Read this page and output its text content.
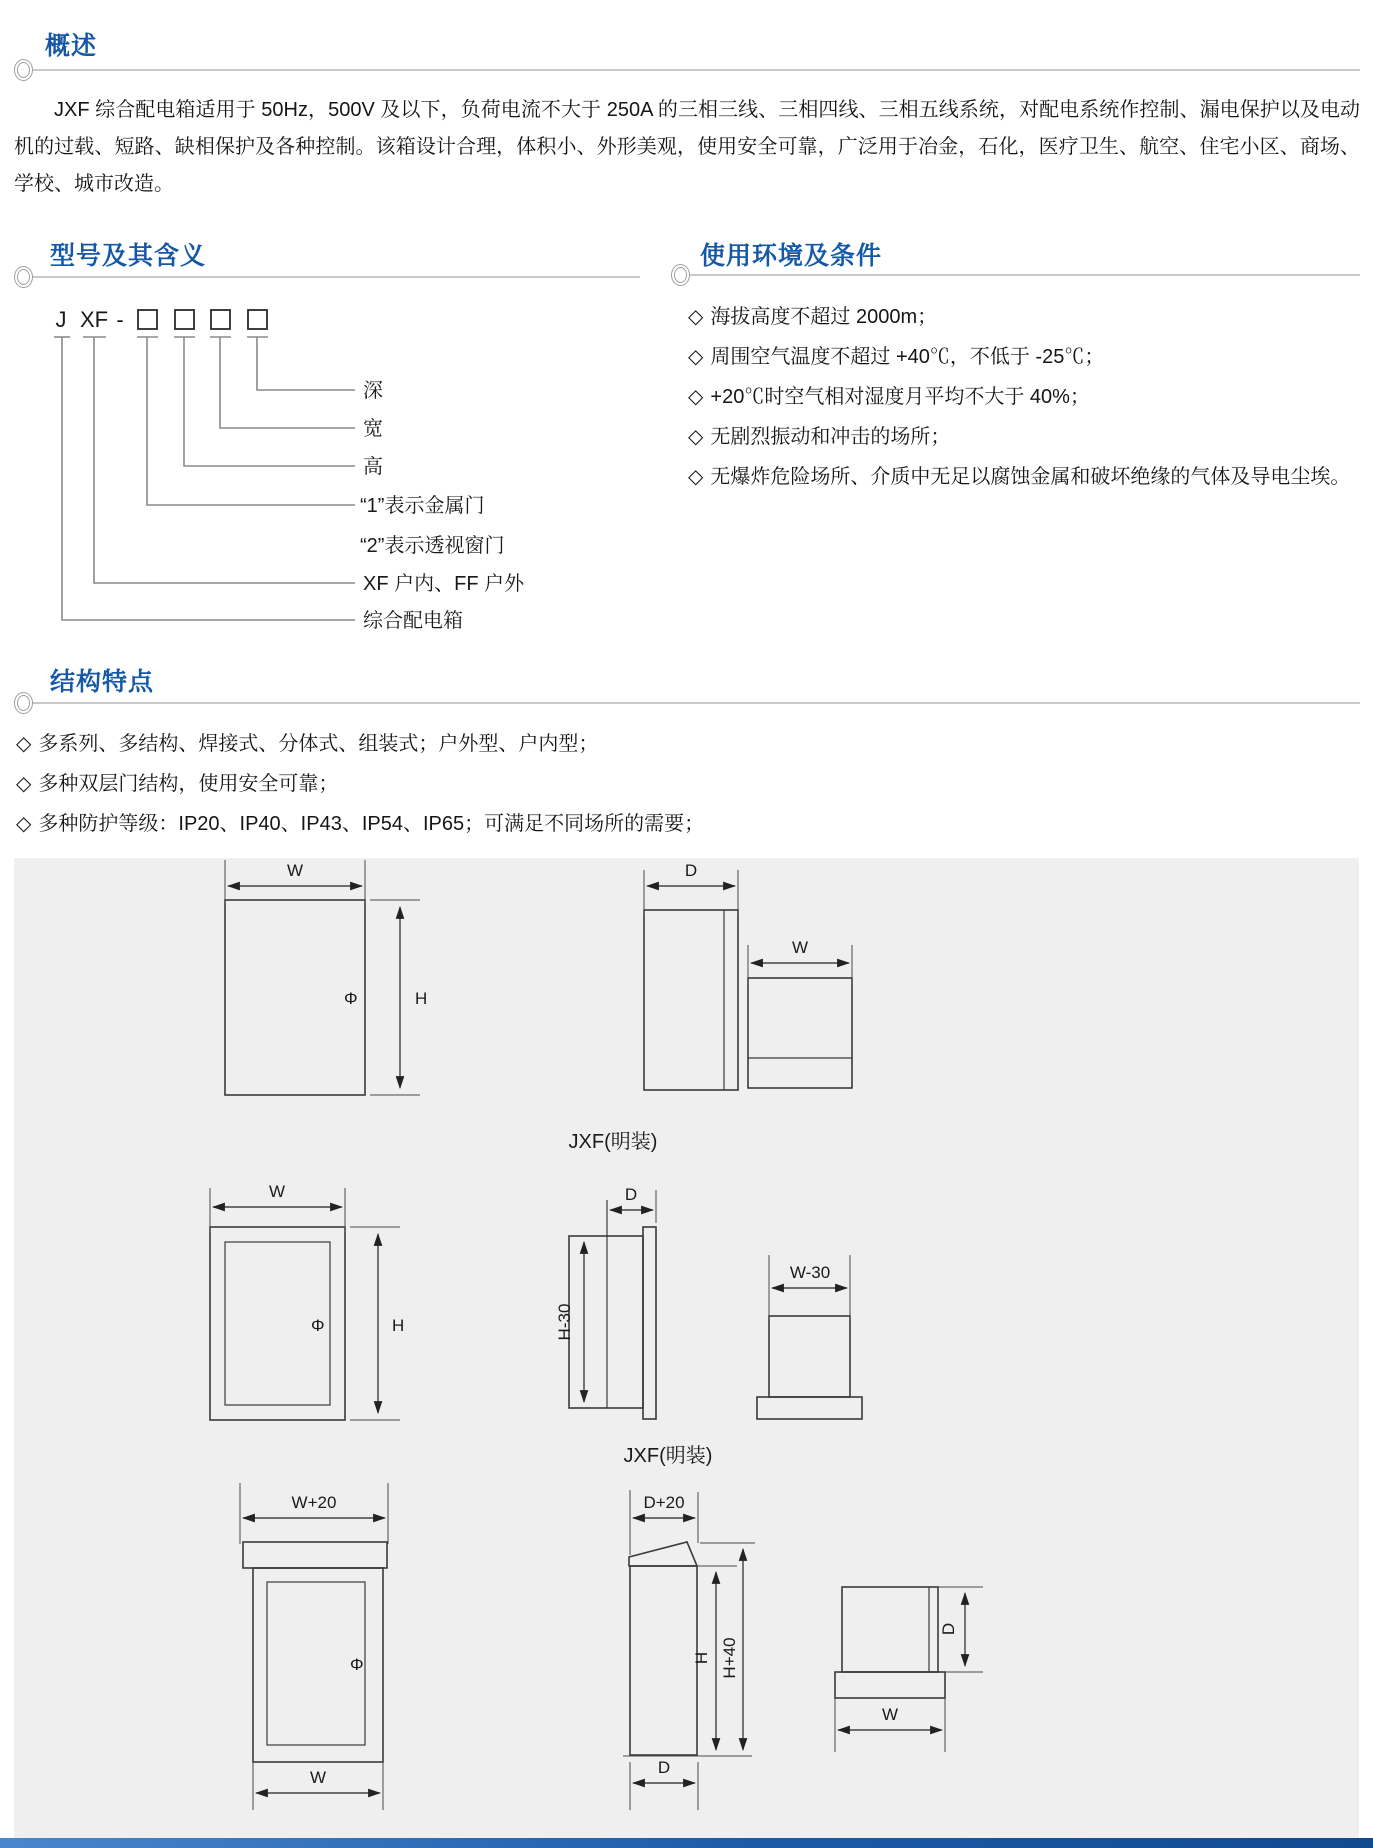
概述
JXF 综合配电箱适用于 50Hz，500V 及以下，负荷电流不大于 250A 的三相三线、三相四线、三相五线系统，对配电系统作控制、漏电保护以及电动机的过载、短路、缺相保护及各种控制。该箱设计合理，体积小、外形美观，使用安全可靠，广泛用于冶金，石化，医疗卫生、航空、住宅小区、商场、学校、城市改造。
型号及其含义
J XF -
深
宽
高
“1”表示金属门
“2”表示透视窗门
XF 户内、FF 户外
综合配电箱
使用环境及条件
◇ 海拔高度不超过 2000m；
◇ 周围空气温度不超过 +40℃，不低于 -25℃；
◇ +20℃时空气相对湿度月平均不大于 40%；
◇ 无剧烈振动和冲击的场所；
◇ 无爆炸危险场所、介质中无足以腐蚀金属和破坏绝缘的气体及导电尘埃。
结构特点
◇ 多系列、多结构、焊接式、分体式、组装式；户外型、户内型；
◇ 多种双层门结构，使用安全可靠；
◇ 多种防护等级：IP20、IP40、IP43、IP54、IP65；可满足不同场所的需要；
W
H
Φ
D
W
JXF(明装)
W
H
Φ
D
H-30
W-30
JXF(明装)
W+20
Φ
W
D+20
H H+40
D
D
W
